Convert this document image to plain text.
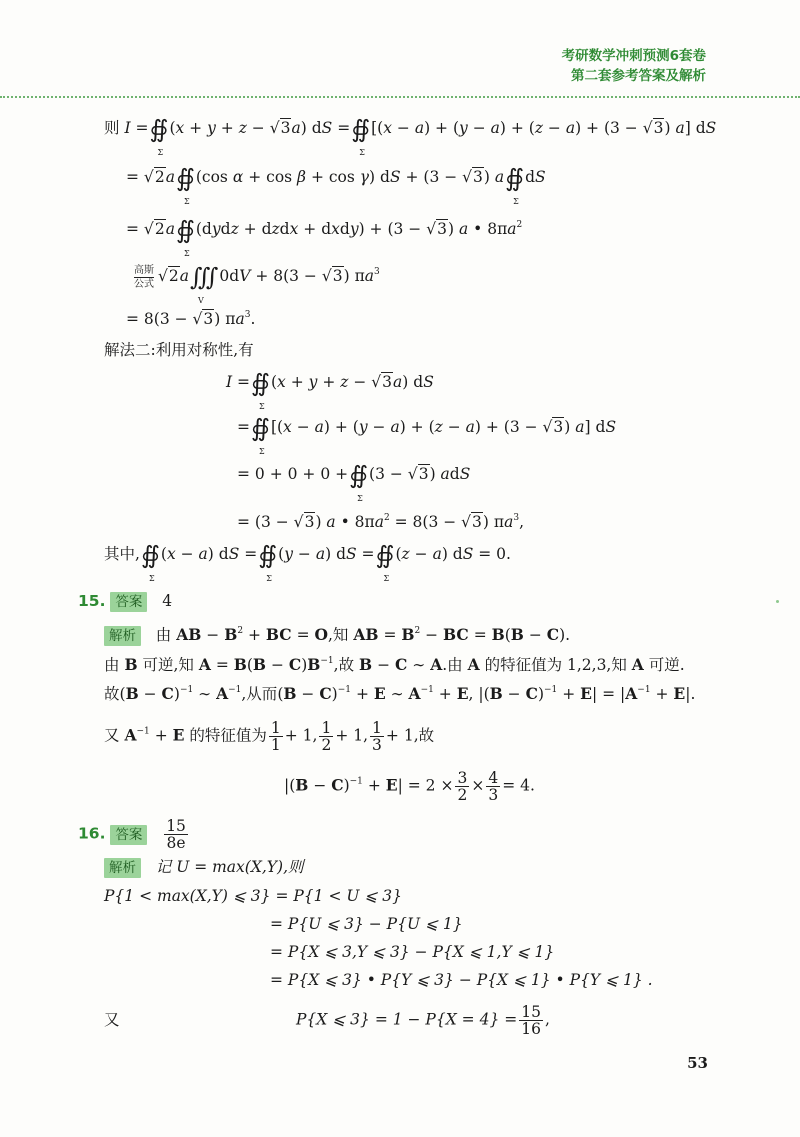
考研数学冲刺预测6套卷
第二套参考答案及解析
则 I =∯
Σ
(x + y + z − √3a) dS =∯
Σ
[(x − a) + (y − a) + (z − a) + (3 − √3) a] dS
= √2a∯
Σ
(cos α + cos β + cos γ) dS + (3 − √3) a∯
Σ
dS
= √2a∯
Σ
(dydz + dzdx + dxdy) + (3 − √3) a • $8\pi a^2$
高斯
公式 √2a∭
V
0dV + 8(3 − √3) $\pi a^3$
= 8(3 − √3) $\pi a^3$.
解法二:利用对称性,有
I =∯
Σ
(x + y + z − √3a) dS
=∯
Σ
[(x − a) + (y − a) + (z − a) + (3 − √3) a] dS
= 0 + 0 + 0 +∯
Σ
(3 − √3) adS
= (3 − √3) a • $8\pi a^2 = 8(3 - √3)$ $\pi a^3$,
其中,∯
Σ
(x − a) dS =∯
Σ
(y − a) dS =∯
Σ
(z − a) dS = 0.
15. 答案 4
解析 由 AB − $B^2$ + BC = O,知 AB = $B^2$ − BC = B(B − C).
由 B 可逆,知 $A = B(B - C)B^{-1}$,故 B − C ∼ A.由 A 的特征值为 1,2,3,知 A 可逆.
故$(B - C)^{-1}$ ∼ $A^{-1}$,从而$(B - C)^{-1} + E$ ∼ $A^{-1} + E$, $|(B - C)^{-1} + E| = |A^{-1} + E|$.
又 $A^{-1} + E$ 的特征值为 $\frac{1}{1} + 1$, $\frac{1}{2} + 1$, $\frac{1}{3} + 1$,故
$|(B - C)^{-1} + E| = 2 \times \frac{3}{2} \times \frac{4}{3} = 4$.
16. 答案 $\frac{15}{8e}$
解析 记 U = max(X,Y),则
P{1 < max(X,Y) ⩽ 3} = P{1 < U ⩽ 3}
= P{U ⩽ 3} − P{U ⩽ 1}
= P{X ⩽ 3,Y ⩽ 3} − P{X ⩽ 1,Y ⩽ 1}
= P{X ⩽ 3} • P{Y ⩽ 3} − P{X ⩽ 1} • P{Y ⩽ 1} .
又	P{X ⩽ $3\} = 1 - P\{X = 4\} = \frac{15}{16}$ ,
53
